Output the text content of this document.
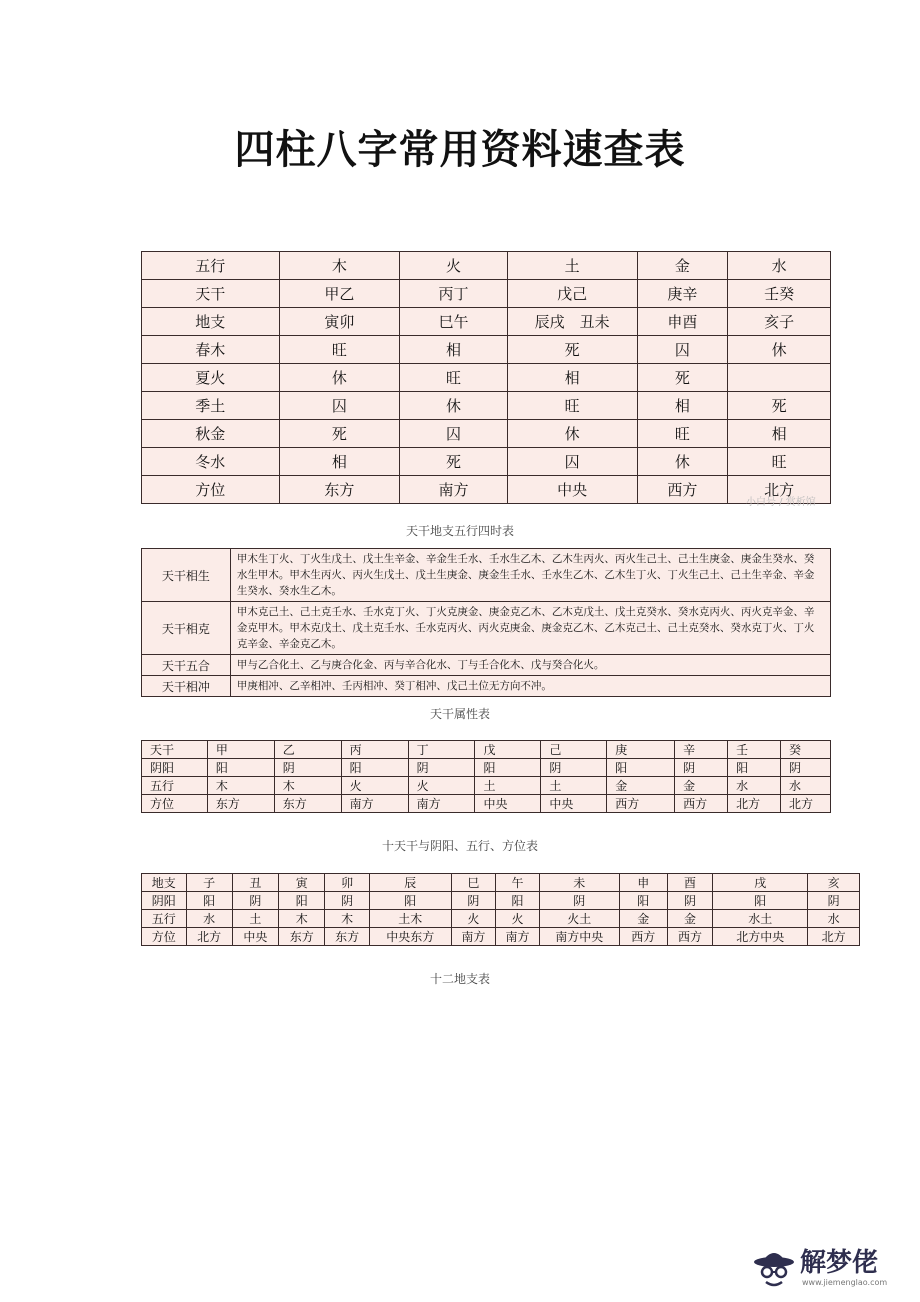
四柱八字常用资料速查表
五行	木	火	土	金	水
天干	甲乙	丙丁	戊己	庚辛	壬癸
地支	寅卯	巳午	辰戌　丑未	申酉	亥子
春木	旺	相	死	囚	休
夏火	休	旺	相	死	
季土	囚	休	旺	相	死
秋金	死	囚	休	旺	相
冬水	相	死	囚	休	旺
方位	东方	南方	中央	西方	北方
小白号 / 赏析馆
天干地支五行四时表
天干相生	甲木生丁火、丁火生戊土、戊土生辛金、辛金生壬水、壬水生乙木、乙木生丙火、丙火生己土、己土生庚金、庚金生癸水、癸水生甲木。甲木生丙火、丙火生戊土、戊土生庚金、庚金生壬水、壬水生乙木、乙木生丁火、丁火生己土、己土生辛金、辛金生癸水、癸水生乙木。
天干相克	甲木克己土、己土克壬水、壬水克丁火、丁火克庚金、庚金克乙木、乙木克戊土、戊土克癸水、癸水克丙火、丙火克辛金、辛金克甲木。甲木克戊土、戊土克壬水、壬水克丙火、丙火克庚金、庚金克乙木、乙木克己土、己土克癸水、癸水克丁火、丁火克辛金、辛金克乙木。
天干五合	甲与乙合化土、乙与庚合化金、丙与辛合化水、丁与壬合化木、戊与癸合化火。
天干相冲	甲庚相冲、乙辛相冲、壬丙相冲、癸丁相冲、戊己土位无方向不冲。
天干属性表
天干	甲	乙	丙	丁	戊	己	庚	辛	壬	癸
阴阳	阳	阴	阳	阴	阳	阴	阳	阴	阳	阴
五行	木	木	火	火	土	土	金	金	水	水
方位	东方	东方	南方	南方	中央	中央	西方	西方	北方	北方
十天干与阴阳、五行、方位表
地支	子	丑	寅	卯	辰	巳	午	未	申	酉	戌	亥
阴阳	阳	阴	阳	阴	阳	阴	阳	阴	阳	阴	阳	阴
五行	水	土	木	木	土木	火	火	火土	金	金	水土	水
方位	北方	中央	东方	东方	中央东方	南方	南方	南方中央	西方	西方	北方中央	北方
十二地支表
解梦佬
www.jiemenglao.com
